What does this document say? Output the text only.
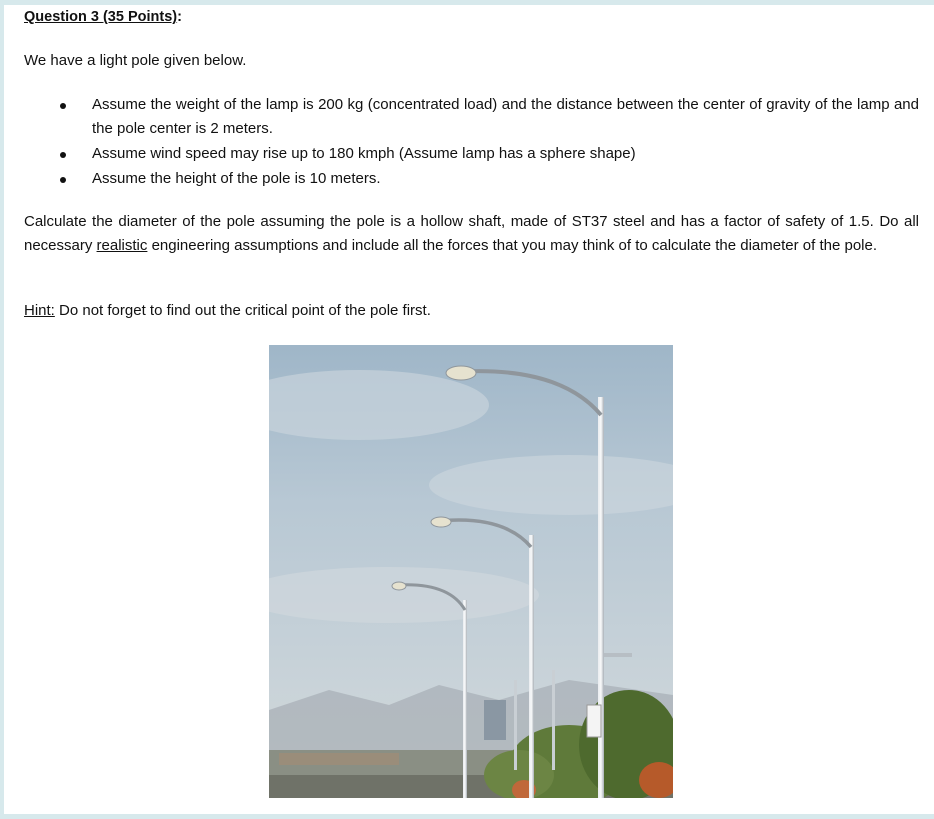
Question 3 (35 Points):
We have a light pole given below.
Assume the weight of the lamp is 200 kg (concentrated load) and the distance between the center of gravity of the lamp and the pole center is 2 meters.
Assume wind speed may rise up to 180 kmph (Assume lamp has a sphere shape)
Assume the height of the pole is 10 meters.
Calculate the diameter of the pole assuming the pole is a hollow shaft, made of ST37 steel and has a factor of safety of 1.5. Do all necessary realistic engineering assumptions and include all the forces that you may think of to calculate the diameter of the pole.
Hint: Do not forget to find out the critical point of the pole first.
